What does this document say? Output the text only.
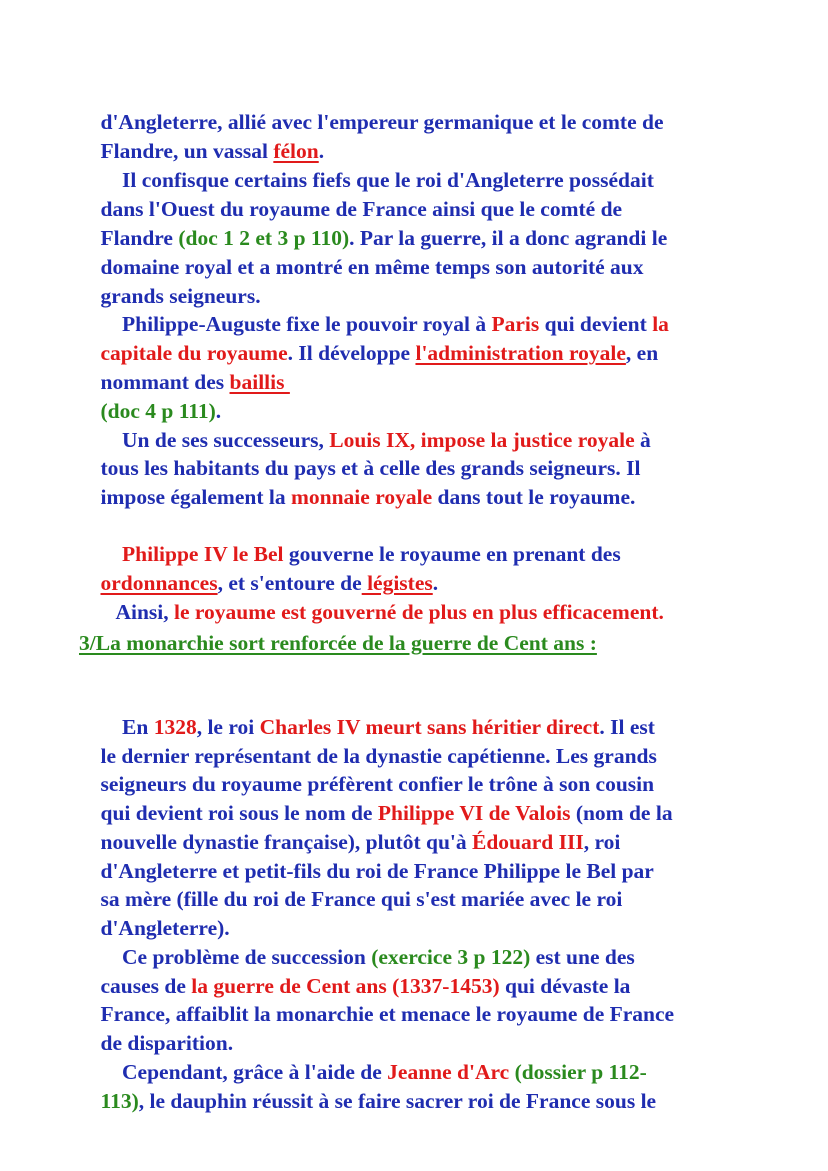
d'Angleterre, allié avec l'empereur germanique et le comte de

Flandre, un vassal félon.

Il confisque certains fiefs que le roi d'Angleterre possédait

dans l'Ouest du royaume de France ainsi que le comté de

Flandre (doc 1 2 et 3 p 110). Par la guerre, il a donc agrandi le

domaine royal et a montré en même temps son autorité aux

grands seigneurs.

Philippe-Auguste fixe le pouvoir royal à Paris qui devient la

capitale du royaume. Il développe l'administration royale, en

nommant des baillis

(doc 4 p 111).

Un de ses successeurs, Louis IX, impose la justice royale à

tous les habitants du pays et à celle des grands seigneurs. Il

impose également la monnaie royale dans tout le royaume.

Philippe IV le Bel gouverne le royaume en prenant des

ordonnances, et s'entoure de légistes.

Ainsi, le royaume est gouverné de plus en plus efficacement.

3/La monarchie sort renforcée de la guerre de Cent ans :

En 1328, le roi Charles IV meurt sans héritier direct. Il est

le dernier représentant de la dynastie capétienne. Les grands

seigneurs du royaume préfèrent confier le trône à son cousin

qui devient roi sous le nom de Philippe VI de Valois (nom de la

nouvelle dynastie française), plutôt qu'à Édouard III, roi

d'Angleterre et petit-fils du roi de France Philippe le Bel par

sa mère (fille du roi de France qui s'est mariée avec le roi

d'Angleterre).

Ce problème de succession (exercice 3 p 122) est une des

causes de la guerre de Cent ans (1337-1453) qui dévaste la

France, affaiblit la monarchie et menace le royaume de France

de disparition.

Cependant, grâce à l'aide de Jeanne d'Arc (dossier p 112-

113), le dauphin réussit à se faire sacrer roi de France sous le
